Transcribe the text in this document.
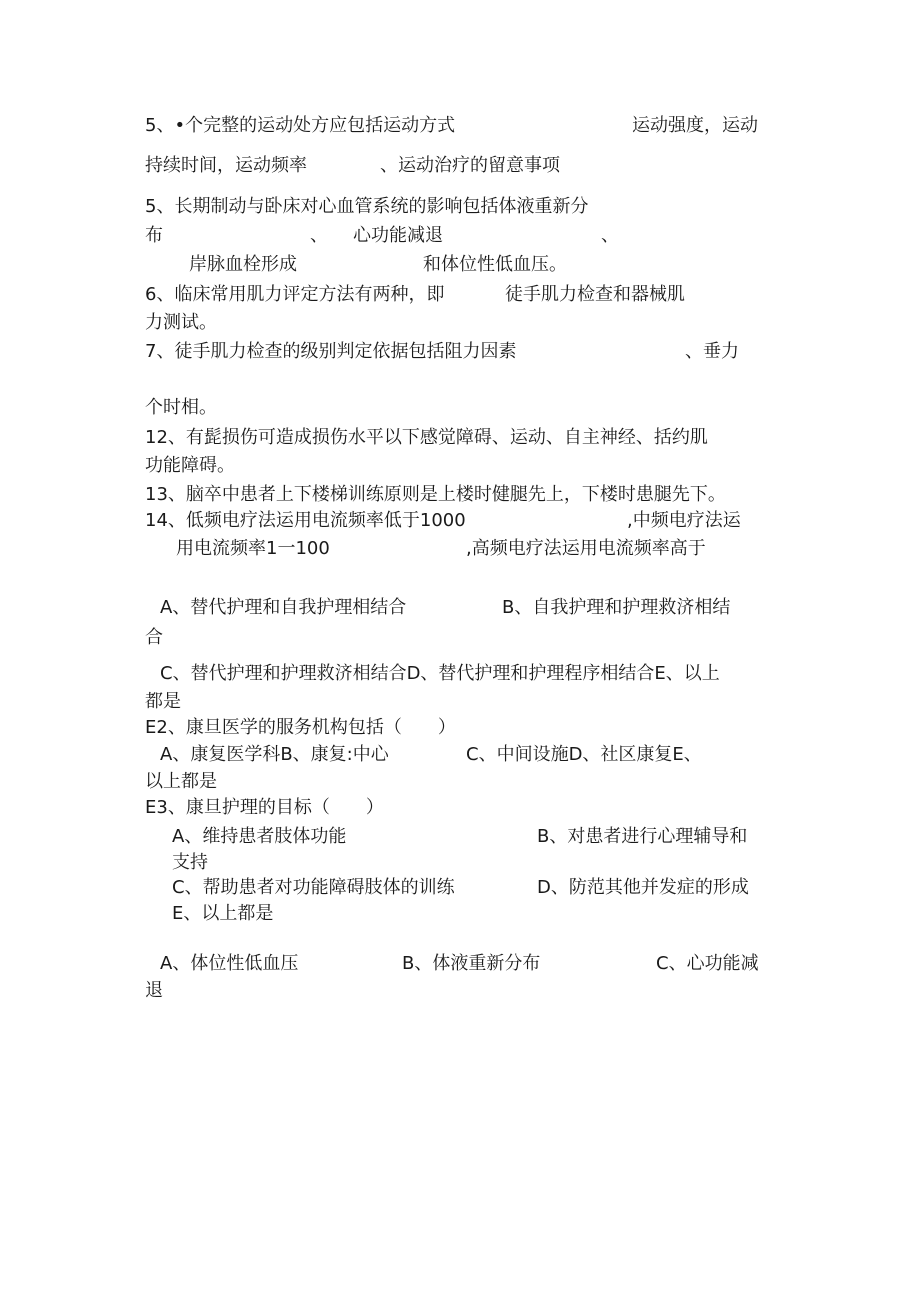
5、•个完整的运动处方应包括运动方式	运动强度，运动
持续时间，运动频率	、运动治疗的留意事项
5、长期制动与卧床对心血管系统的影响包括体液重新分
布	、 心功能减退	、
岸脉血栓形成	和体位性低血压。
6、临床常用肌力评定方法有两种，即	徒手肌力检查和器械肌
力测试。
7、徒手肌力检查的级别判定依据包括阻力因素	、垂力
个时相。
12、有髭损伤可造成损伤水平以下感觉障碍、运动、自主神经、括约肌
功能障碍。
13、脑卒中患者上下楼梯训练原则是上楼时健腿先上，下楼时患腿先下。
14、低频电疗法运用电流频率低于1000	,中频电疗法运
用电流频率1一100	,高频电疗法运用电流频率高于
A、替代护理和自我护理相结合	B、自我护理和护理救济相结
合
C、替代护理和护理救济相结合D、替代护理和护理程序相结合E、以上
都是
E2、康旦医学的服务机构包括（　　）
A、康复医学科B、康复:中心	C、中间设施D、社区康复E、
以上都是
E3、康旦护理的目标（　　）
A、维持患者肢体功能	B、对患者进行心理辅导和
支持
C、帮助患者对功能障碍肢体的训练	D、防范其他并发症的形成
E、以上都是
A、体位性低血压	B、体液重新分布	C、心功能减
退
